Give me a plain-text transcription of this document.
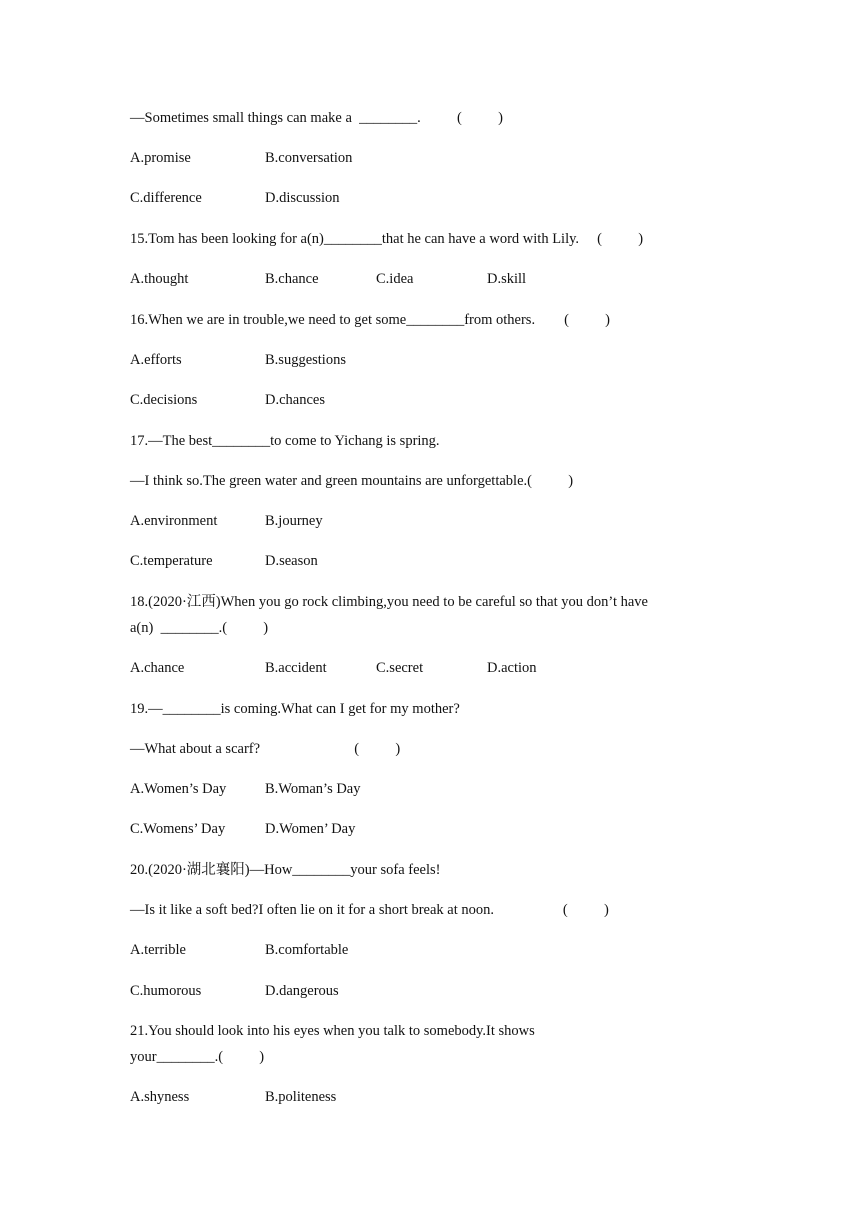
—Sometimes small things can make a  ________.          (          )
A.promise	B.conversation
C.difference	D.discussion
15.Tom has been looking for a(n)________that he can have a word with Lily.     (          )
A.thought	B.chance	C.idea	D.skill
16.When we are in trouble,we need to get some________from others.        (          )
A.efforts	B.suggestions
C.decisions	D.chances
17.—The best________to come to Yichang is spring.
—I think so.The green water and green mountains are unforgettable.(          )
A.environment	B.journey
C.temperature	D.season
18.(2020·江西)When you go rock climbing,you need to be careful so that you don’t have
a(n)  ________.(          )
A.chance	B.accident	C.secret	D.action
19.—________is coming.What can I get for my mother?
—What about a scarf?                          (          )
A.Women’s Day	B.Woman’s Day
C.Womens’ Day	D.Women’ Day
20.(2020·湖北襄阳)—How________your sofa feels!
—Is it like a soft bed?I often lie on it for a short break at noon.                   (          )
A.terrible	B.comfortable
C.humorous	D.dangerous
21.You should look into his eyes when you talk to somebody.It shows
your________.(          )
A.shyness	B.politeness
